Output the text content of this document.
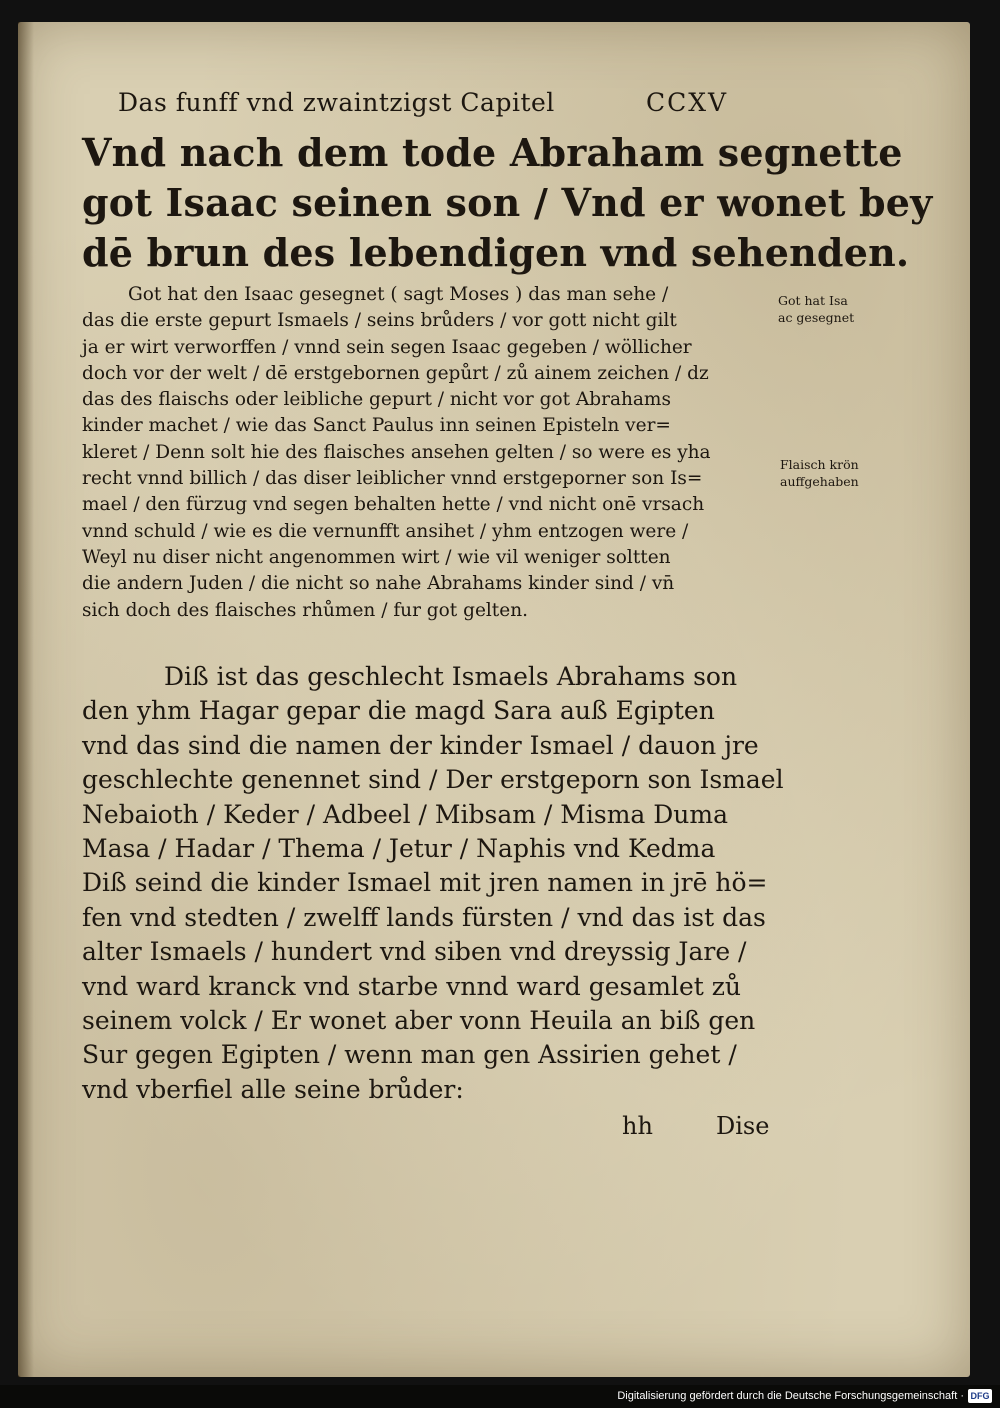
Das funff vnd zwaintzigst Capitel	CCXV
Vnd nach dem tode Abraham segnette
got Isaac seinen son / Vnd er wonet bey
dē brun des lebendigen vnd sehenden.
Got hat den Isaac gesegnet ( sagt Moses ) das man sehe /
das die erste gepurt Ismaels / seins brůders / vor gott nicht gilt
ja er wirt verworffen / vnnd sein segen Isaac gegeben / wöllicher
doch vor der welt / dē erstgebornen gepůrt / zů ainem zeichen / dz
das des flaischs oder leibliche gepurt / nicht vor got Abrahams
kinder machet / wie das Sanct Paulus inn seinen Episteln ver=
kleret / Denn solt hie des flaisches ansehen gelten / so were es yha
recht vnnd billich / das diser leiblicher vnnd erstgeporner son Is=
mael / den fürzug vnd segen behalten hette / vnd nicht onē vrsach
vnnd schuld / wie es die vernunfft ansihet / yhm entzogen were /
Weyl nu diser nicht angenommen wirt / wie vil weniger soltten
die andern Juden / die nicht so nahe Abrahams kinder sind / vn̄
sich doch des flaisches rhůmen / fur got gelten.
Got hat Isa
ac gesegnet
Flaisch krön
auffgehaben
Diß ist das geschlecht Ismaels Abrahams son
den yhm Hagar gepar die magd Sara auß Egipten
vnd das sind die namen der kinder Ismael / dauon jre
geschlechte genennet sind / Der erstgeporn son Ismael
Nebaioth / Keder / Adbeel / Mibsam / Misma Duma
Masa / Hadar / Thema / Jetur / Naphis vnd Kedma
Diß seind die kinder Ismael mit jren namen in jrē hö=
fen vnd stedten / zwelff lands fürsten / vnd das ist das
alter Ismaels / hundert vnd siben vnd dreyssig Jare /
vnd ward kranck vnd starbe vnnd ward gesamlet zů
seinem volck / Er wonet aber vonn Heuila an biß gen
Sur gegen Egipten / wenn man gen Assirien gehet /
vnd vberfiel alle seine brůder:
hh	Dise
Digitalisierung gefördert durch die Deutsche Forschungsgemeinschaft · DFG
